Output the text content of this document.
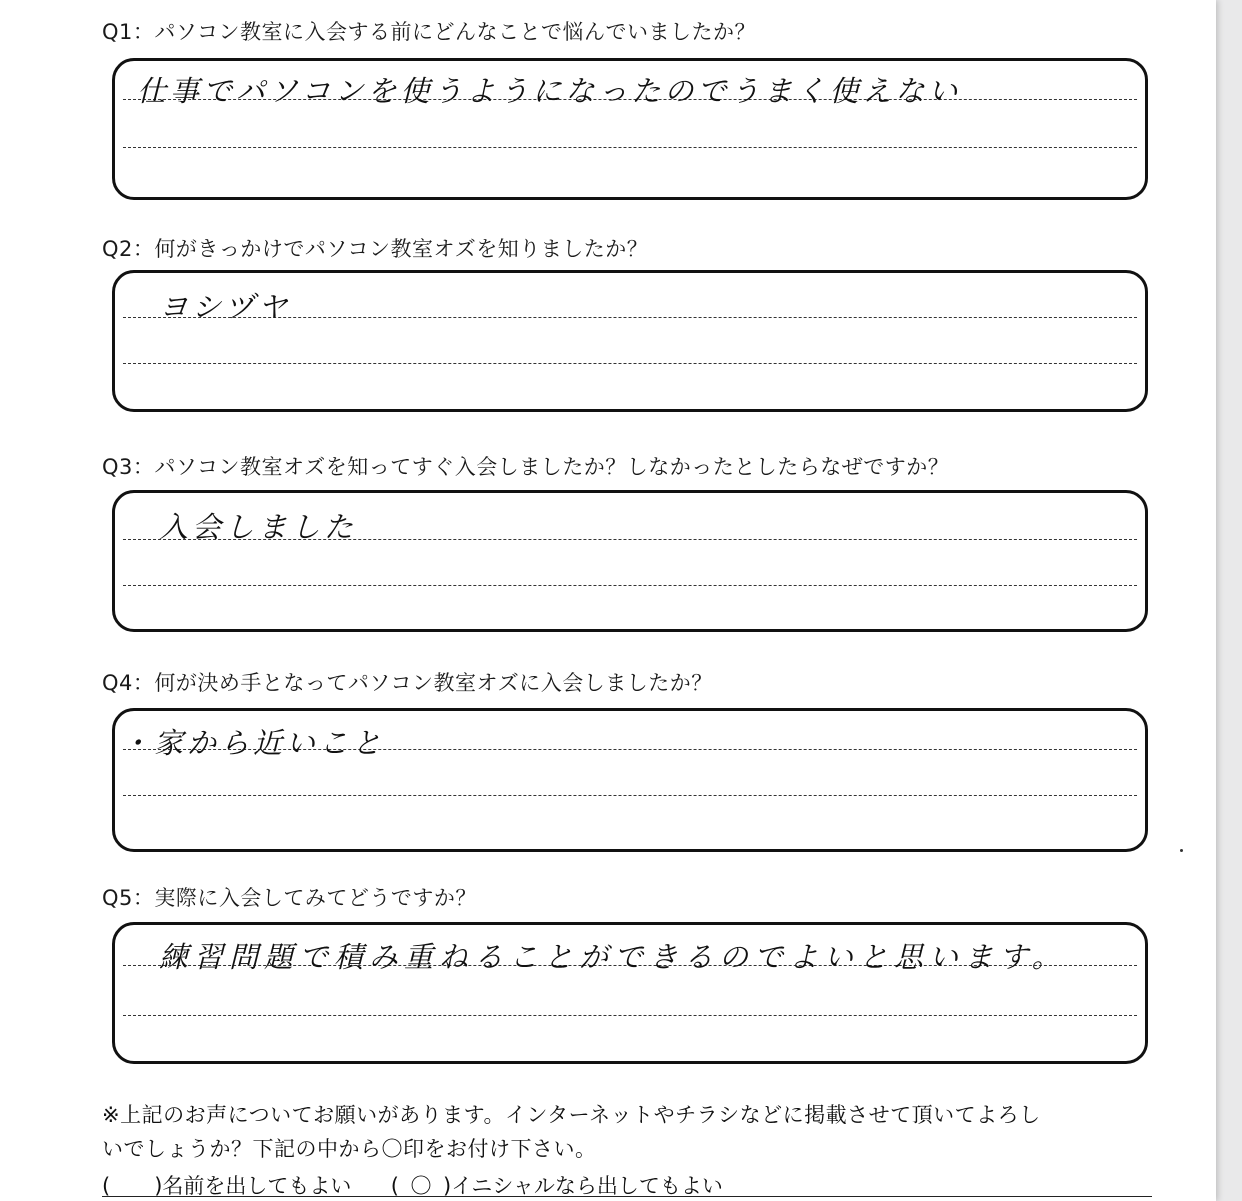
Q1：パソコン教室に入会する前にどんなことで悩んでいましたか？
仕事でパソコンを使うようになったのでうまく使えない
Q2：何がきっかけでパソコン教室オズを知りましたか？
ヨシヅヤ
Q3：パソコン教室オズを知ってすぐ入会しましたか？しなかったとしたらなぜですか？
入会しました
Q4：何が決め手となってパソコン教室オズに入会しましたか？
・家から近いこと
Q5：実際に入会してみてどうですか？
練習問題で積み重ねることができるのでよいと思います。
※上記のお声についてお願いがあります。インターネットやチラシなどに掲載させて頂いてよろし
いでしょうか？下記の中から〇印をお付け下さい。
( )名前を出してもよい ( 〇 )イニシャルなら出してもよい
